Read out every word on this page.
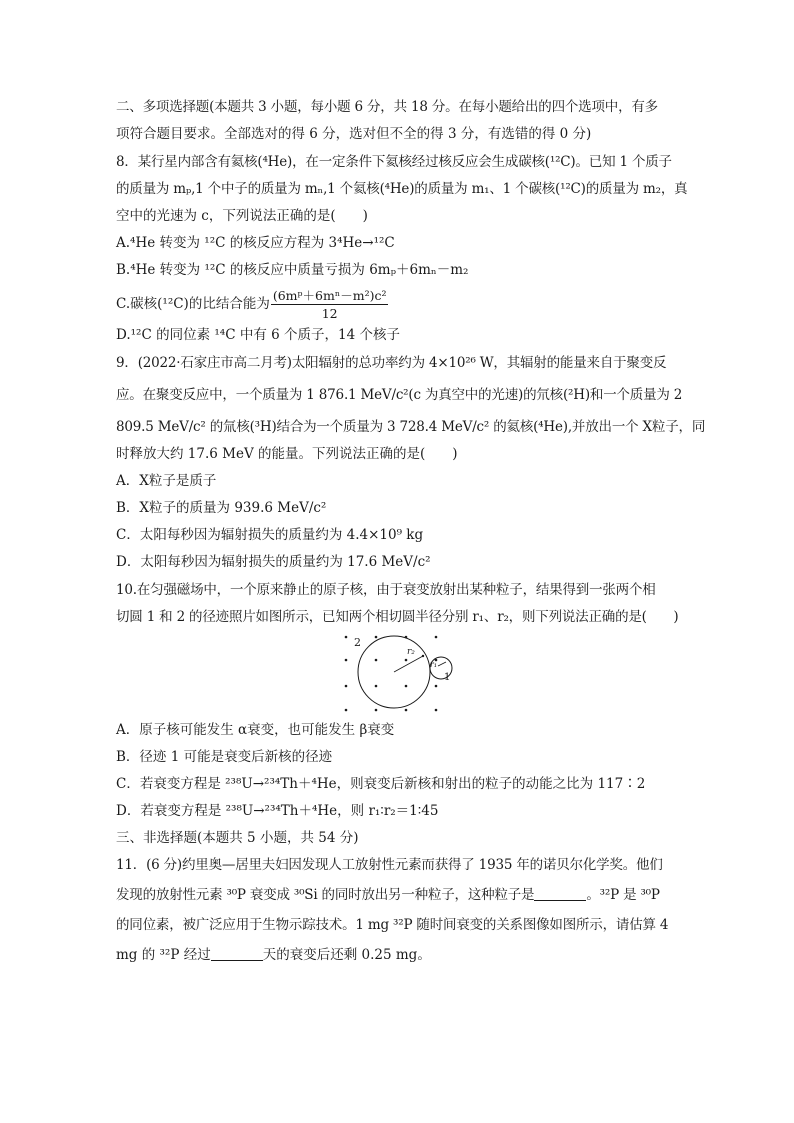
二、多项选择题(本题共 3 小题，每小题 6 分，共 18 分。在每小题给出的四个选项中，有多
项符合题目要求。全部选对的得 6 分，选对但不全的得 3 分，有选错的得 0 分)
8．某行星内部含有氦核(⁴He)，在一定条件下氦核经过核反应会生成碳核(¹²C)。已知 1 个质子
的质量为 mₚ,1 个中子的质量为 mₙ,1 个氦核(⁴He)的质量为 m₁、1 个碳核(¹²C)的质量为 m₂，真
空中的光速为 c，下列说法正确的是(　　)
A.⁴He 转变为 ¹²C 的核反应方程为 3⁴He→¹²C
B.⁴He 转变为 ¹²C 的核反应中质量亏损为 6mₚ＋6mₙ－m₂
C.碳核(¹²C)的比结合能为 $\frac{\text{(6mᵖ＋6mⁿ－m²)c²}}{12}$
D.¹²C 的同位素 ¹⁴C 中有 6 个质子，14 个核子
9．(2022·石家庄市高二月考)太阳辐射的总功率约为 4×10²⁶ W，其辐射的能量来自于聚变反
应。在聚变反应中，一个质量为 1 876.1 MeV/c²(c 为真空中的光速)的氘核(²H)和一个质量为 2
809.5 MeV/c² 的氚核(³H)结合为一个质量为 3 728.4 MeV/c² 的氦核(⁴He),并放出一个 X粒子，同
时释放大约 17.6 MeV 的能量。下列说法正确的是(　　)
A．X粒子是质子
B．X粒子的质量为 939.6 MeV/c²
C．太阳每秒因为辐射损失的质量约为 4.4×10⁹ kg
D．太阳每秒因为辐射损失的质量约为 17.6 MeV/c²
10.在匀强磁场中，一个原来静止的原子核，由于衰变放射出某种粒子，结果得到一张两个相
切圆 1 和 2 的径迹照片如图所示，已知两个相切圆半径分别 r₁、r₂，则下列说法正确的是(　　)
2
1
r₂
r₁
A．原子核可能发生 α衰变，也可能发生 β衰变
B．径迹 1 可能是衰变后新核的径迹
C．若衰变方程是 ²³⁸U→²³⁴Th＋⁴He，则衰变后新核和射出的粒子的动能之比为 117∶2
D．若衰变方程是 ²³⁸U→²³⁴Th＋⁴He，则 r₁∶r₂＝1∶45
三、非选择题(本题共 5 小题，共 54 分)
11．(6 分)约里奥—居里夫妇因发现人工放射性元素而获得了 1935 年的诺贝尔化学奖。他们
发现的放射性元素 ³⁰P 衰变成 ³⁰Si 的同时放出另一种粒子，这种粒子是	。³²P 是 ³⁰P
的同位素，被广泛应用于生物示踪技术。1 mg ³²P 随时间衰变的关系图像如图所示，请估算 4
mg 的 ³²P 经过	天的衰变后还剩 0.25 mg。
